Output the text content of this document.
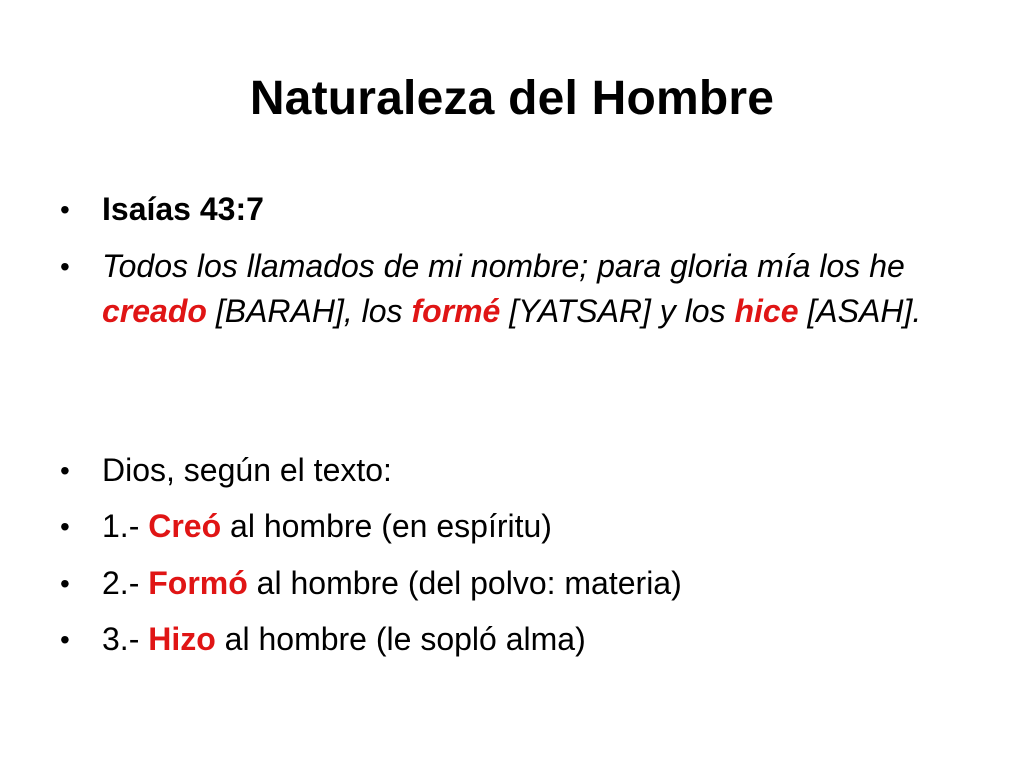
Naturaleza del Hombre
•	Isaías 43:7
•	Todos los llamados de mi nombre; para gloria mía los he creado [BARAH], los formé [YATSAR] y los hice [ASAH].
•	Dios, según el texto:
•	1.- Creó al hombre (en espíritu)
•	2.- Formó al hombre (del polvo: materia)
•	3.- Hizo al hombre (le sopló alma)
